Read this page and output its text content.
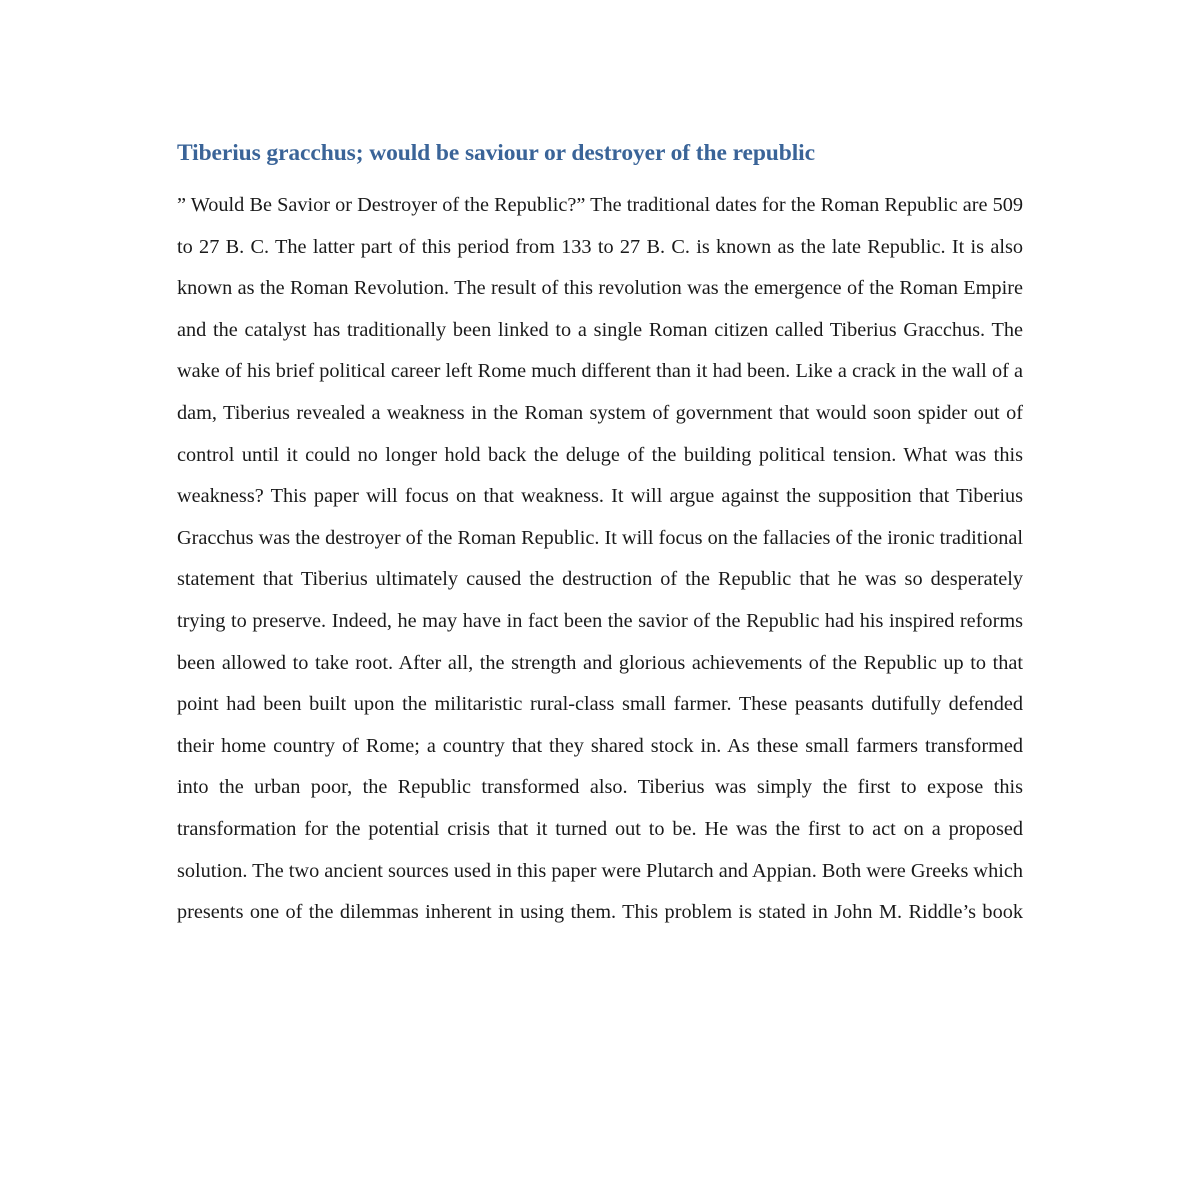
Tiberius gracchus; would be saviour or destroyer of the republic

” Would Be Savior or Destroyer of the Republic?” The traditional dates for the Roman Republic are 509 to 27 B. C. The latter part of this period from 133 to 27 B. C. is known as the late Republic. It is also known as the Roman Revolution. The result of this revolution was the emergence of the Roman Empire and the catalyst has traditionally been linked to a single Roman citizen called Tiberius Gracchus. The wake of his brief political career left Rome much different than it had been. Like a crack in the wall of a dam, Tiberius revealed a weakness in the Roman system of government that would soon spider out of control until it could no longer hold back the deluge of the building political tension. What was this weakness? This paper will focus on that weakness. It will argue against the supposition that Tiberius Gracchus was the destroyer of the Roman Republic. It will focus on the fallacies of the ironic traditional statement that Tiberius ultimately caused the destruction of the Republic that he was so desperately trying to preserve. Indeed, he may have in fact been the savior of the Republic had his inspired reforms been allowed to take root. After all, the strength and glorious achievements of the Republic up to that point had been built upon the militaristic rural-class small farmer. These peasants dutifully defended their home country of Rome; a country that they shared stock in. As these small farmers transformed into the urban poor, the Republic transformed also. Tiberius was simply the first to expose this transformation for the potential crisis that it turned out to be. He was the first to act on a proposed solution. The two ancient sources used in this paper were Plutarch and Appian. Both were Greeks which presents one of the dilemmas inherent in using them. This problem is stated in John M. Riddle’s book
